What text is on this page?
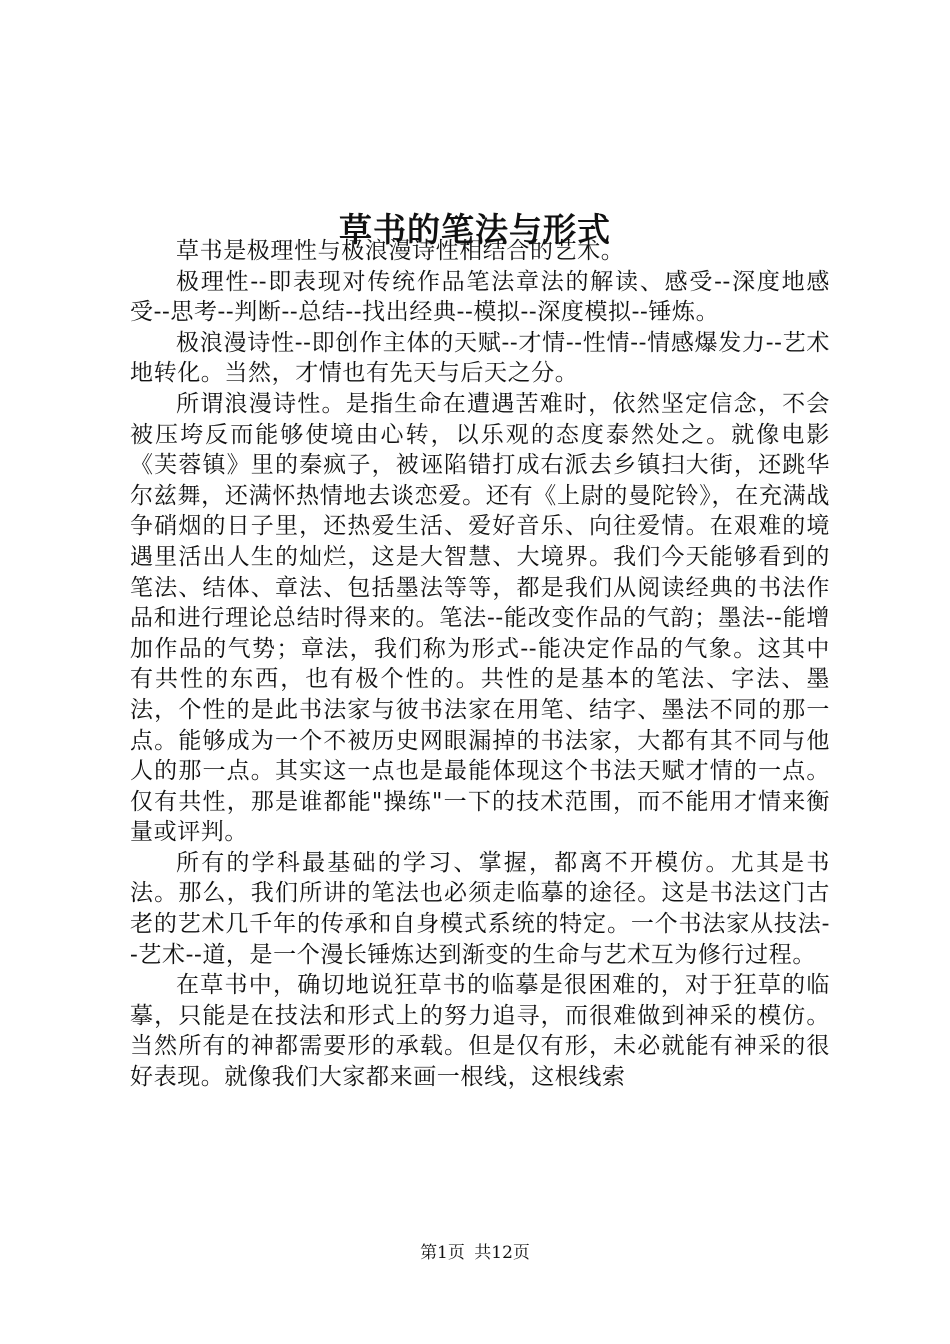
草书的笔法与形式

草书是极理性与极浪漫诗性相结合的艺术。

极理性--即表现对传统作品笔法章法的解读、感受--深度地感受--思考--判断--总结--找出经典--模拟--深度模拟--锤炼。

极浪漫诗性--即创作主体的天赋--才情--性情--情感爆发力--艺术地转化。当然，才情也有先天与后天之分。

所谓浪漫诗性。是指生命在遭遇苦难时，依然坚定信念，不会被压垮反而能够使境由心转，以乐观的态度泰然处之。就像电影《芙蓉镇》里的秦疯子，被诬陷错打成右派去乡镇扫大街，还跳华尔兹舞，还满怀热情地去谈恋爱。还有《上尉的曼陀铃》，在充满战争硝烟的日子里，还热爱生活、爱好音乐、向往爱情。在艰难的境遇里活出人生的灿烂，这是大智慧、大境界。我们今天能够看到的笔法、结体、章法、包括墨法等等，都是我们从阅读经典的书法作品和进行理论总结时得来的。笔法--能改变作品的气韵；墨法--能增加作品的气势；章法，我们称为形式--能决定作品的气象。这其中有共性的东西，也有极个性的。共性的是基本的笔法、字法、墨法，个性的是此书法家与彼书法家在用笔、结字、墨法不同的那一点。能够成为一个不被历史网眼漏掉的书法家，大都有其不同与他人的那一点。其实这一点也是最能体现这个书法天赋才情的一点。仅有共性，那是谁都能"操练"一下的技术范围，而不能用才情来衡量或评判。

所有的学科最基础的学习、掌握，都离不开模仿。尤其是书法。那么，我们所讲的笔法也必须走临摹的途径。这是书法这门古老的艺术几千年的传承和自身模式系统的特定。一个书法家从技法--艺术--道，是一个漫长锤炼达到渐变的生命与艺术互为修行过程。

在草书中，确切地说狂草书的临摹是很困难的，对于狂草的临摹，只能是在技法和形式上的努力追寻，而很难做到神采的模仿。当然所有的神都需要形的承载。但是仅有形，未必就能有神采的很好表现。就像我们大家都来画一根线，这根线索

第1页 共12页
